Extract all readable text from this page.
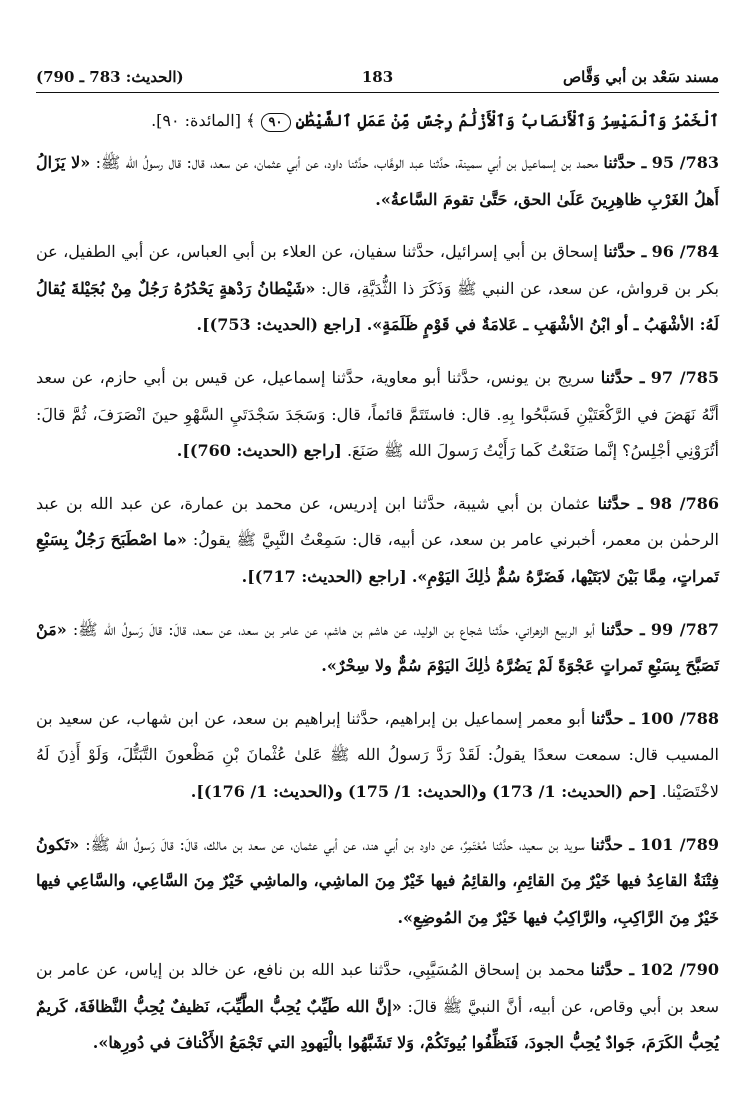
مسند سَعْد بن أبي وَقَّاص
183
(الحديث: 783 ـ 790)

ٱلْخَمْرُ وَٱلْمَيْسِرُ وَٱلْأَنصَابُ وَٱلْأَزْلَٰمُ رِجْسٌ مِّنْ عَمَلِ ٱلشَّيْطَٰنِ ٩٠ ﴾ [المائدة: ٩٠].

783/ 95 ـ حدَّثنا محمد بن إسماعيل بن أبي سمينة، حدَّثنا عبد الوهَّاب، حدَّثنا داود، عن أبي عثمان، عن سعد، قال: قال رسولُ الله ﷺ: «لا يَزَالُ أَهلُ الغَرْبِ ظاهِرِينَ عَلَىٰ الحق، حَتَّىٰ تقومَ السَّاعةُ».

784/ 96 ـ حدَّثنا إسحاق بن أبي إسرائيل، حدَّثنا سفيان، عن العلاء بن أبي العباس، عن أبي الطفيل، عن بكر بن قرواش، عن سعد، عن النبي ﷺ وَذَكَرَ ذا الثُّدَيَّةِ، قال: «شَيْطانُ رَدْهةٍ يَحْدُرُهُ رَجُلٌ مِنْ بُجَيْلةَ يُقالُ لَهُ: الأشْهَبُ ـ أو ابْنُ الأشْهَبِ ـ عَلامَةٌ في قَوْمٍ ظَلَمَةٍ». [راجع (الحديث: 753)].

785/ 97 ـ حدَّثنا سريج بن يونس، حدَّثنا أبو معاوية، حدَّثنا إسماعيل، عن قيس بن أبي حازم، عن سعد أنَّهُ نَهَضَ في الرَّكْعَتَيْنِ فَسَبَّحُوا بِهِ. قال: فاستَتَمَّ قائماً، قال: وَسَجَدَ سَجْدَتَيِ السَّهْوِ حينَ انْصَرَفَ، ثُمَّ قالَ: أتُرَوْنِي أجْلِسُ؟ إنَّما صَنَعْتُ كَما رَأَيْتُ رَسولَ الله ﷺ صَنَعَ. [راجع (الحديث: 760)].

786/ 98 ـ حدَّثنا عثمان بن أبي شيبة، حدَّثنا ابن إدريس، عن محمد بن عمارة، عن عبد الله بن عبد الرحمٰن بن معمر، أخبرني عامر بن سعد، عن أبيه، قال: سَمِعْتُ النَّبِيَّ ﷺ يقولُ: «ما اصْطَبَحَ رَجُلٌ بِسَبْعِ تَمراتٍ، مِمَّا بَيْنَ لابَتَيْها، فَضَرَّهُ سُمٌّ ذٰلِكَ اليَوْمِ». [راجع (الحديث: 717)].

787/ 99 ـ حدَّثنا أبو الربيع الزهراني، حدَّثنا شجاع بن الوليد، عن هاشم بن هاشم، عن عامر بن سعد، عن سعد، قالَ: قالَ رَسولُ الله ﷺ: «مَنْ تَصَبَّحَ بِسَبْعِ تَمراتٍ عَجْوَةً لَمْ يَضُرَّهُ ذٰلِكَ اليَوْمَ سُمٌّ ولا سِحْرٌ».

788/ 100 ـ حدَّثنا أبو معمر إسماعيل بن إبراهيم، حدَّثنا إبراهيم بن سعد، عن ابن شهاب، عن سعيد بن المسيب قال: سمعت سعدًا يقولُ: لَقَدْ رَدَّ رَسولُ الله ﷺ عَلىٰ عُثْمانَ بْنِ مَظْعونَ التَّبَتُّلَ، وَلَوْ أَذِنَ لَهُ لاخْتَصَيْنا. [حم (الحديث: 1/ 173) و(الحديث: 1/ 175) و(الحديث: 1/ 176)].

789/ 101 ـ حدَّثنا سويد بن سعيد، حدَّثنا مُعْتَمِرٌ، عن داود بن أبي هند، عن أبي عثمان، عن سعد بن مالك، قالَ: قالَ رَسولُ الله ﷺ: «تَكونُ فِتْنَةٌ القاعِدُ فيها خَيْرٌ مِنَ القائِمِ، والقائِمُ فيها خَيْرٌ مِنَ الماشِي، والماشِي خَيْرٌ مِنَ السَّاعِي، والسَّاعِي فيها خَيْرٌ مِنَ الرَّاكِبِ، والرَّاكِبُ فيها خَيْرٌ مِنَ المُوضِعِ».

790/ 102 ـ حدَّثنا محمد بن إسحاق المُسَيَّبِي، حدَّثنا عبد الله بن نافع، عن خالد بن إياس، عن عامر بن سعد بن أبي وقاص، عن أبيه، أنَّ النبيَّ ﷺ قالَ: «إنَّ الله طَيِّبٌ يُحِبُّ الطَّيِّبَ، نَظيفٌ يُحِبُّ النَّظافَةَ، كَريمٌ يُحِبُّ الكَرَمَ، جَوادٌ يُحِبُّ الجودَ، فَنَظِّفُوا بُيوتَكُمْ، وَلا تَشَبَّهُوا بالْيَهودِ التي تَجْمَعُ الأَكْنافَ في دُورِها».
